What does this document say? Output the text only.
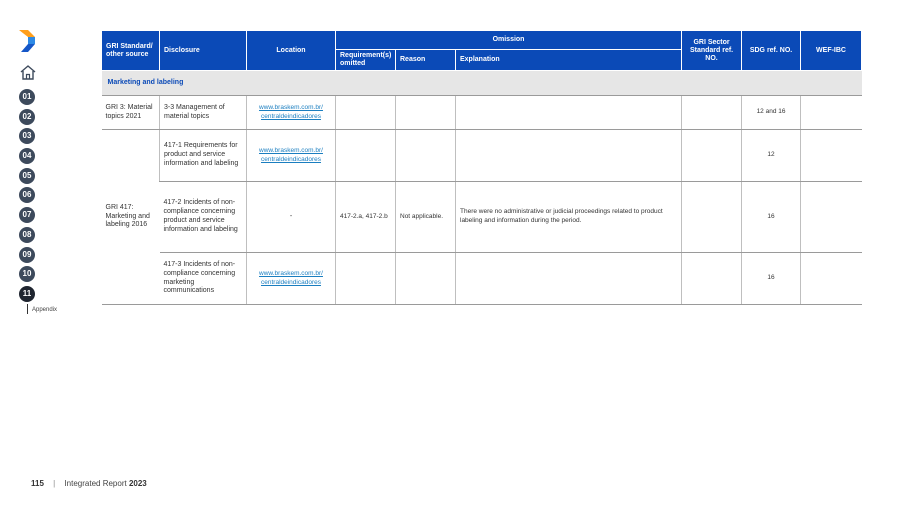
01
02
03
04
05
06
07
08
09
10
11
Appendix
GRI Standard/ other source	Disclosure	Location	Omission			GRI Sector Standard ref. NO.	SDG ref. NO.	WEF-IBC
			Requirement(s) omitted	Reason	Explanation			
Marketing and labeling								
GRI 3: Material topics 2021	3-3 Management of material topics	www.braskem.com.br/ centraldeindicadores					12 and 16	
GRI 417: Marketing and labeling 2016	417-1 Requirements for product and service information and labeling	www.braskem.com.br/ centraldeindicadores					12	
	417-2 Incidents of non-compliance concerning product and service information and labeling	-	417-2.a, 417-2.b	Not applicable.	There were no administrative or judicial proceedings related to product labeling and information during the period.		16	
	417-3 Incidents of non-compliance concerning marketing communications	www.braskem.com.br/ centraldeindicadores					16	
115 | Integrated Report 2023
